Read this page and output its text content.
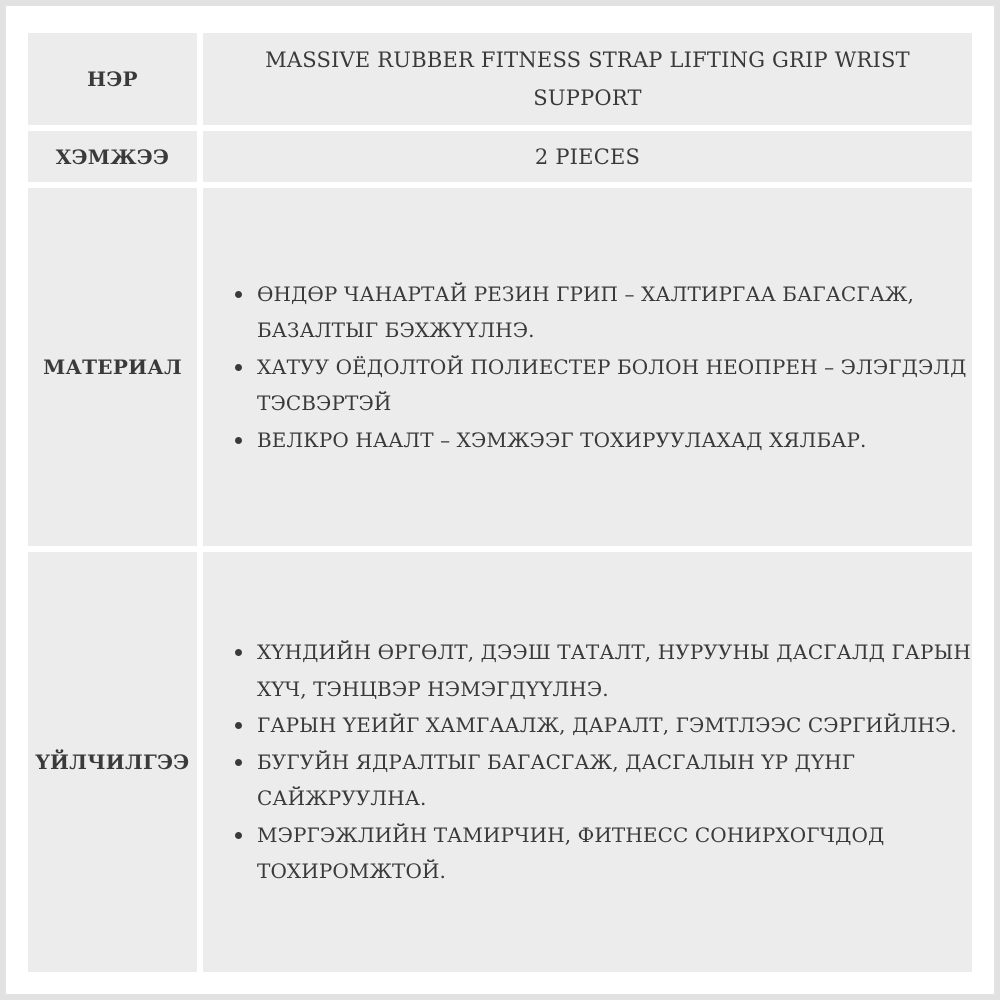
НЭР
MASSIVE RUBBER FITNESS STRAP LIFTING GRIP WRIST SUPPORT
ХЭМЖЭЭ	2 PIECES
МАТЕРИАЛ
ӨНДӨР ЧАНАРТАЙ РЕЗИН ГРИП – ХАЛТИРГАА БАГАСГАЖ, БАЗАЛТЫГ БЭХЖҮҮЛНЭ.
ХАТУУ ОЁДОЛТОЙ ПОЛИЕСТЕР БОЛОН НЕОПРЕН – ЭЛЭГДЭЛД ТЭСВЭРТЭЙ
ВЕЛКРО НААЛТ – ХЭМЖЭЭГ ТОХИРУУЛАХАД ХЯЛБАР.
ҮЙЛЧИЛГЭЭ
ХҮНДИЙН ӨРГӨЛТ, ДЭЭШ ТАТАЛТ, НУРУУНЫ ДАСГАЛД ГАРЫН ХҮЧ, ТЭНЦВЭР НЭМЭГДҮҮЛНЭ.
ГАРЫН ҮЕИЙГ ХАМГААЛЖ, ДАРАЛТ, ГЭМТЛЭЭС СЭРГИЙЛНЭ.
БУГУЙН ЯДРАЛТЫГ БАГАСГАЖ, ДАСГАЛЫН ҮР ДҮНГ САЙЖРУУЛНА.
МЭРГЭЖЛИЙН ТАМИРЧИН, ФИТНЕСС СОНИРХОГЧДОД ТОХИРОМЖТОЙ.
